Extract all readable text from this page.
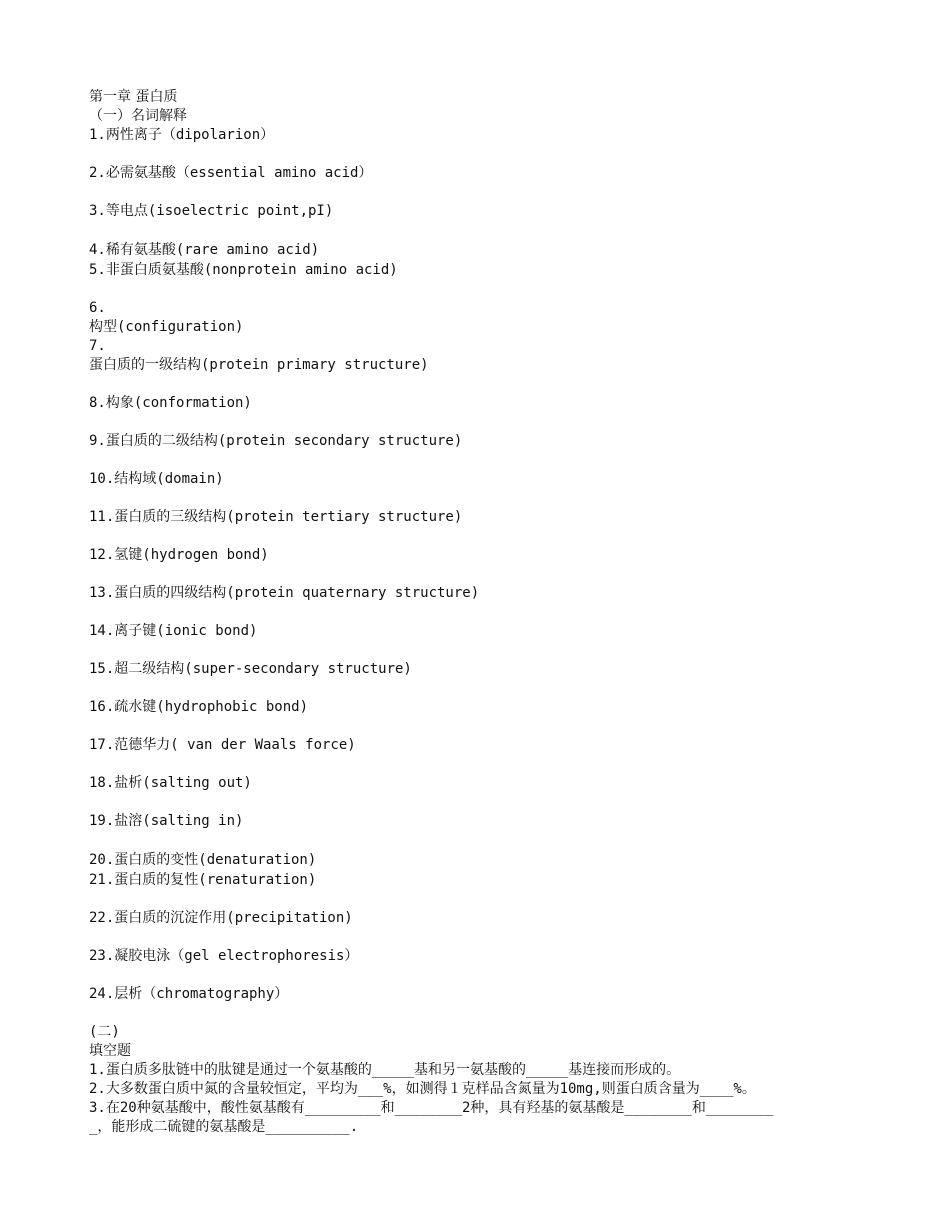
第一章 蛋白质
（一）名词解释
1.两性离子（dipolarion）
2.必需氨基酸（essential amino acid）
3.等电点(isoelectric point,pI)
4.稀有氨基酸(rare amino acid)
5.非蛋白质氨基酸(nonprotein amino acid)
6.
构型(configuration)
7.
蛋白质的一级结构(protein primary structure)
8.构象(conformation)
9.蛋白质的二级结构(protein secondary structure)
10.结构域(domain)
11.蛋白质的三级结构(protein tertiary structure)
12.氢键(hydrogen bond)
13.蛋白质的四级结构(protein quaternary structure)
14.离子键(ionic bond)
15.超二级结构(super-secondary structure)
16.疏水键(hydrophobic bond)
17.范德华力( van der Waals force)
18.盐析(salting out)
19.盐溶(salting in)
20.蛋白质的变性(denaturation)
21.蛋白质的复性(renaturation)
22.蛋白质的沉淀作用(precipitation)
23.凝胶电泳（gel electrophoresis）
24.层析（chromatography）
(二)
填空题
1.蛋白质多肽链中的肽键是通过一个氨基酸的_____基和另一氨基酸的_____基连接而形成的。
2.大多数蛋白质中氮的含量较恒定，平均为___%，如测得１克样品含氮量为10mg,则蛋白质含量为____%。
3.在20种氨基酸中，酸性氨基酸有_________和________2种，具有羟基的氨基酸是________和________
_，能形成二硫键的氨基酸是__________.
